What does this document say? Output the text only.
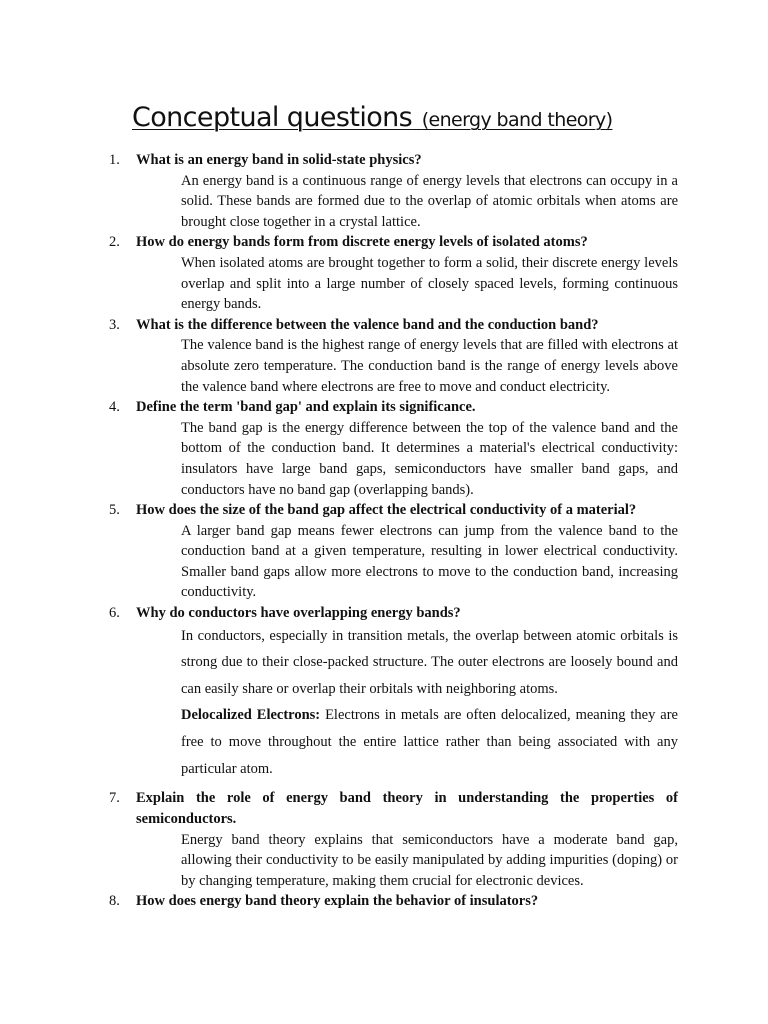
Conceptual questions (energy band theory)
1. What is an energy band in solid-state physics?

An energy band is a continuous range of energy levels that electrons can occupy in a solid. These bands are formed due to the overlap of atomic orbitals when atoms are brought close together in a crystal lattice.

2. How do energy bands form from discrete energy levels of isolated atoms?

When isolated atoms are brought together to form a solid, their discrete energy levels overlap and split into a large number of closely spaced levels, forming continuous energy bands.

3. What is the difference between the valence band and the conduction band?

The valence band is the highest range of energy levels that are filled with electrons at absolute zero temperature. The conduction band is the range of energy levels above the valence band where electrons are free to move and conduct electricity.

4. Define the term 'band gap' and explain its significance.

The band gap is the energy difference between the top of the valence band and the bottom of the conduction band. It determines a material's electrical conductivity: insulators have large band gaps, semiconductors have smaller band gaps, and conductors have no band gap (overlapping bands).

5. How does the size of the band gap affect the electrical conductivity of a material?

A larger band gap means fewer electrons can jump from the valence band to the conduction band at a given temperature, resulting in lower electrical conductivity. Smaller band gaps allow more electrons to move to the conduction band, increasing conductivity.

6. Why do conductors have overlapping energy bands?

In conductors, especially in transition metals, the overlap between atomic orbitals is strong due to their close-packed structure. The outer electrons are loosely bound and can easily share or overlap their orbitals with neighboring atoms.

Delocalized Electrons: Electrons in metals are often delocalized, meaning they are free to move throughout the entire lattice rather than being associated with any particular atom.

7. Explain the role of energy band theory in understanding the properties of semiconductors.

Energy band theory explains that semiconductors have a moderate band gap, allowing their conductivity to be easily manipulated by adding impurities (doping) or by changing temperature, making them crucial for electronic devices.

8. How does energy band theory explain the behavior of insulators?
